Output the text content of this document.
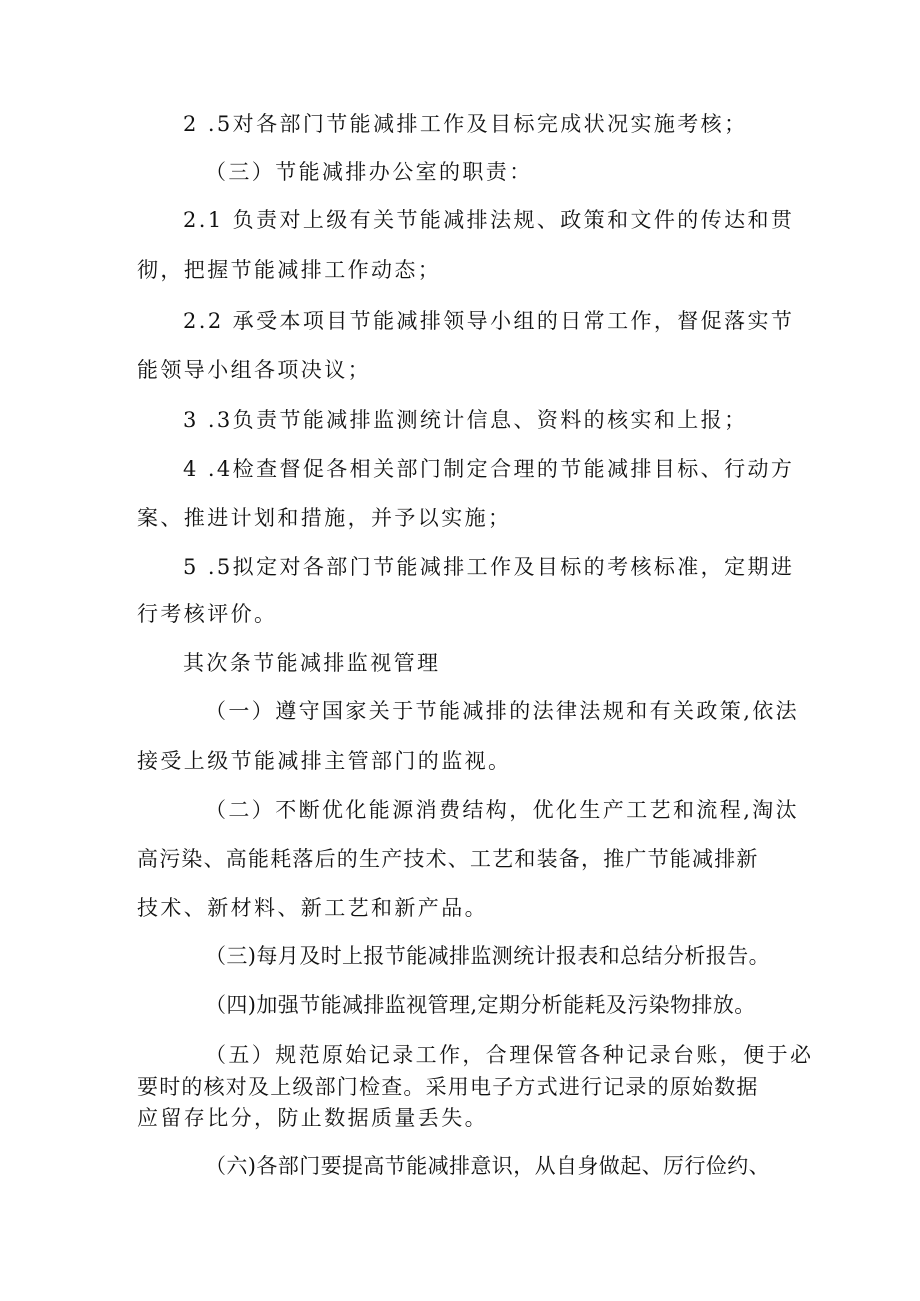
2 .5对各部门节能减排工作及目标完成状况实施考核；
（三）节能减排办公室的职责：
2.1 负责对上级有关节能减排法规、政策和文件的传达和贯
彻，把握节能减排工作动态；
2.2 承受本项目节能减排领导小组的日常工作，督促落实节
能领导小组各项决议；
3 .3负责节能减排监测统计信息、资料的核实和上报；
4 .4检查督促各相关部门制定合理的节能减排目标、行动方
案、推进计划和措施，并予以实施；
5 .5拟定对各部门节能减排工作及目标的考核标准，定期进
行考核评价。
其次条节能减排监视管理
（一）遵守国家关于节能减排的法律法规和有关政策,依法
接受上级节能减排主管部门的监视。
（二）不断优化能源消费结构，优化生产工艺和流程,淘汰
高污染、高能耗落后的生产技术、工艺和装备，推广节能减排新
技术、新材料、新工艺和新产品。
（三)每月及时上报节能减排监测统计报表和总结分析报告。
（四)加强节能减排监视管理,定期分析能耗及污染物排放。
（五）规范原始记录工作，合理保管各种记录台账，便于必
要时的核对及上级部门检查。采用电子方式进行记录的原始数据
应留存比分，防止数据质量丢失。
（六)各部门要提高节能减排意识，从自身做起、厉行俭约、
